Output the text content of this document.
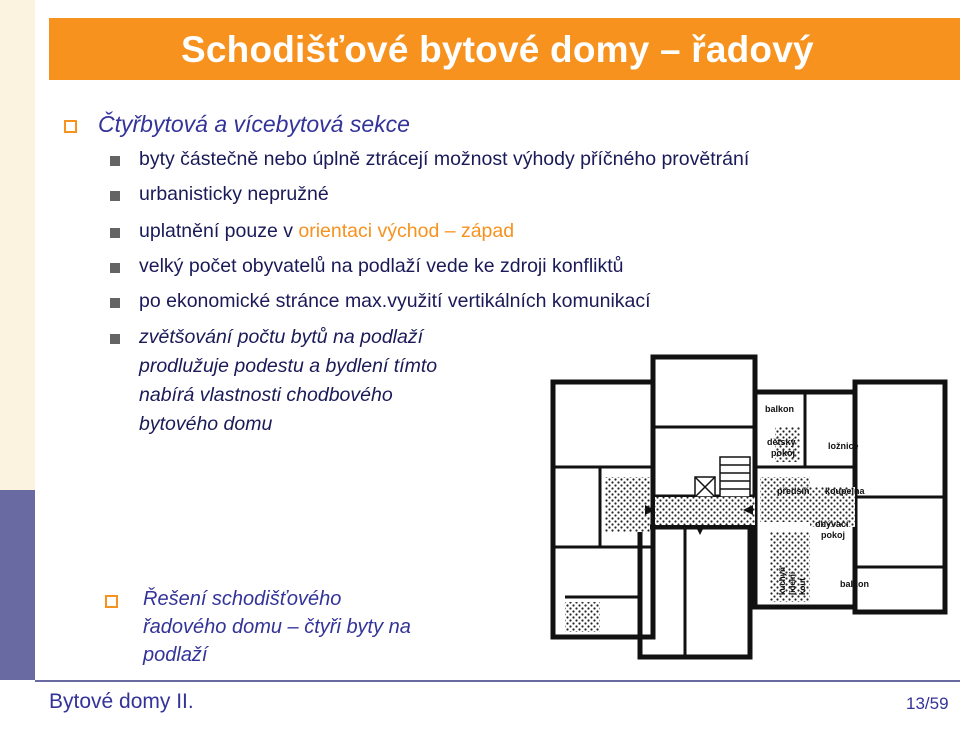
Schodišťové bytové domy – řadový
Čtyřbytová a vícebytová sekce
byty částečně nebo úplně ztrácejí možnost výhody příčného provětrání
urbanisticky nepružné
uplatnění pouze v orientaci východ – západ
velký počet obyvatelů na podlaží vede ke zdroji konfliktů
po ekonomické stránce max.využití vertikálních komunikací
zvětšování počtu bytů na podlaží
prodlužuje podestu a bydlení tímto
nabírá vlastnosti chodbového
bytového domu
balkon
dětský
pokoj
ložnice
předsíň koupelna
obývací
pokoj
balkon
kuchyň jídelní kout
Řešení schodišťového
řadového domu – čtyři byty na
podlaží
Bytové domy II.	13/59
